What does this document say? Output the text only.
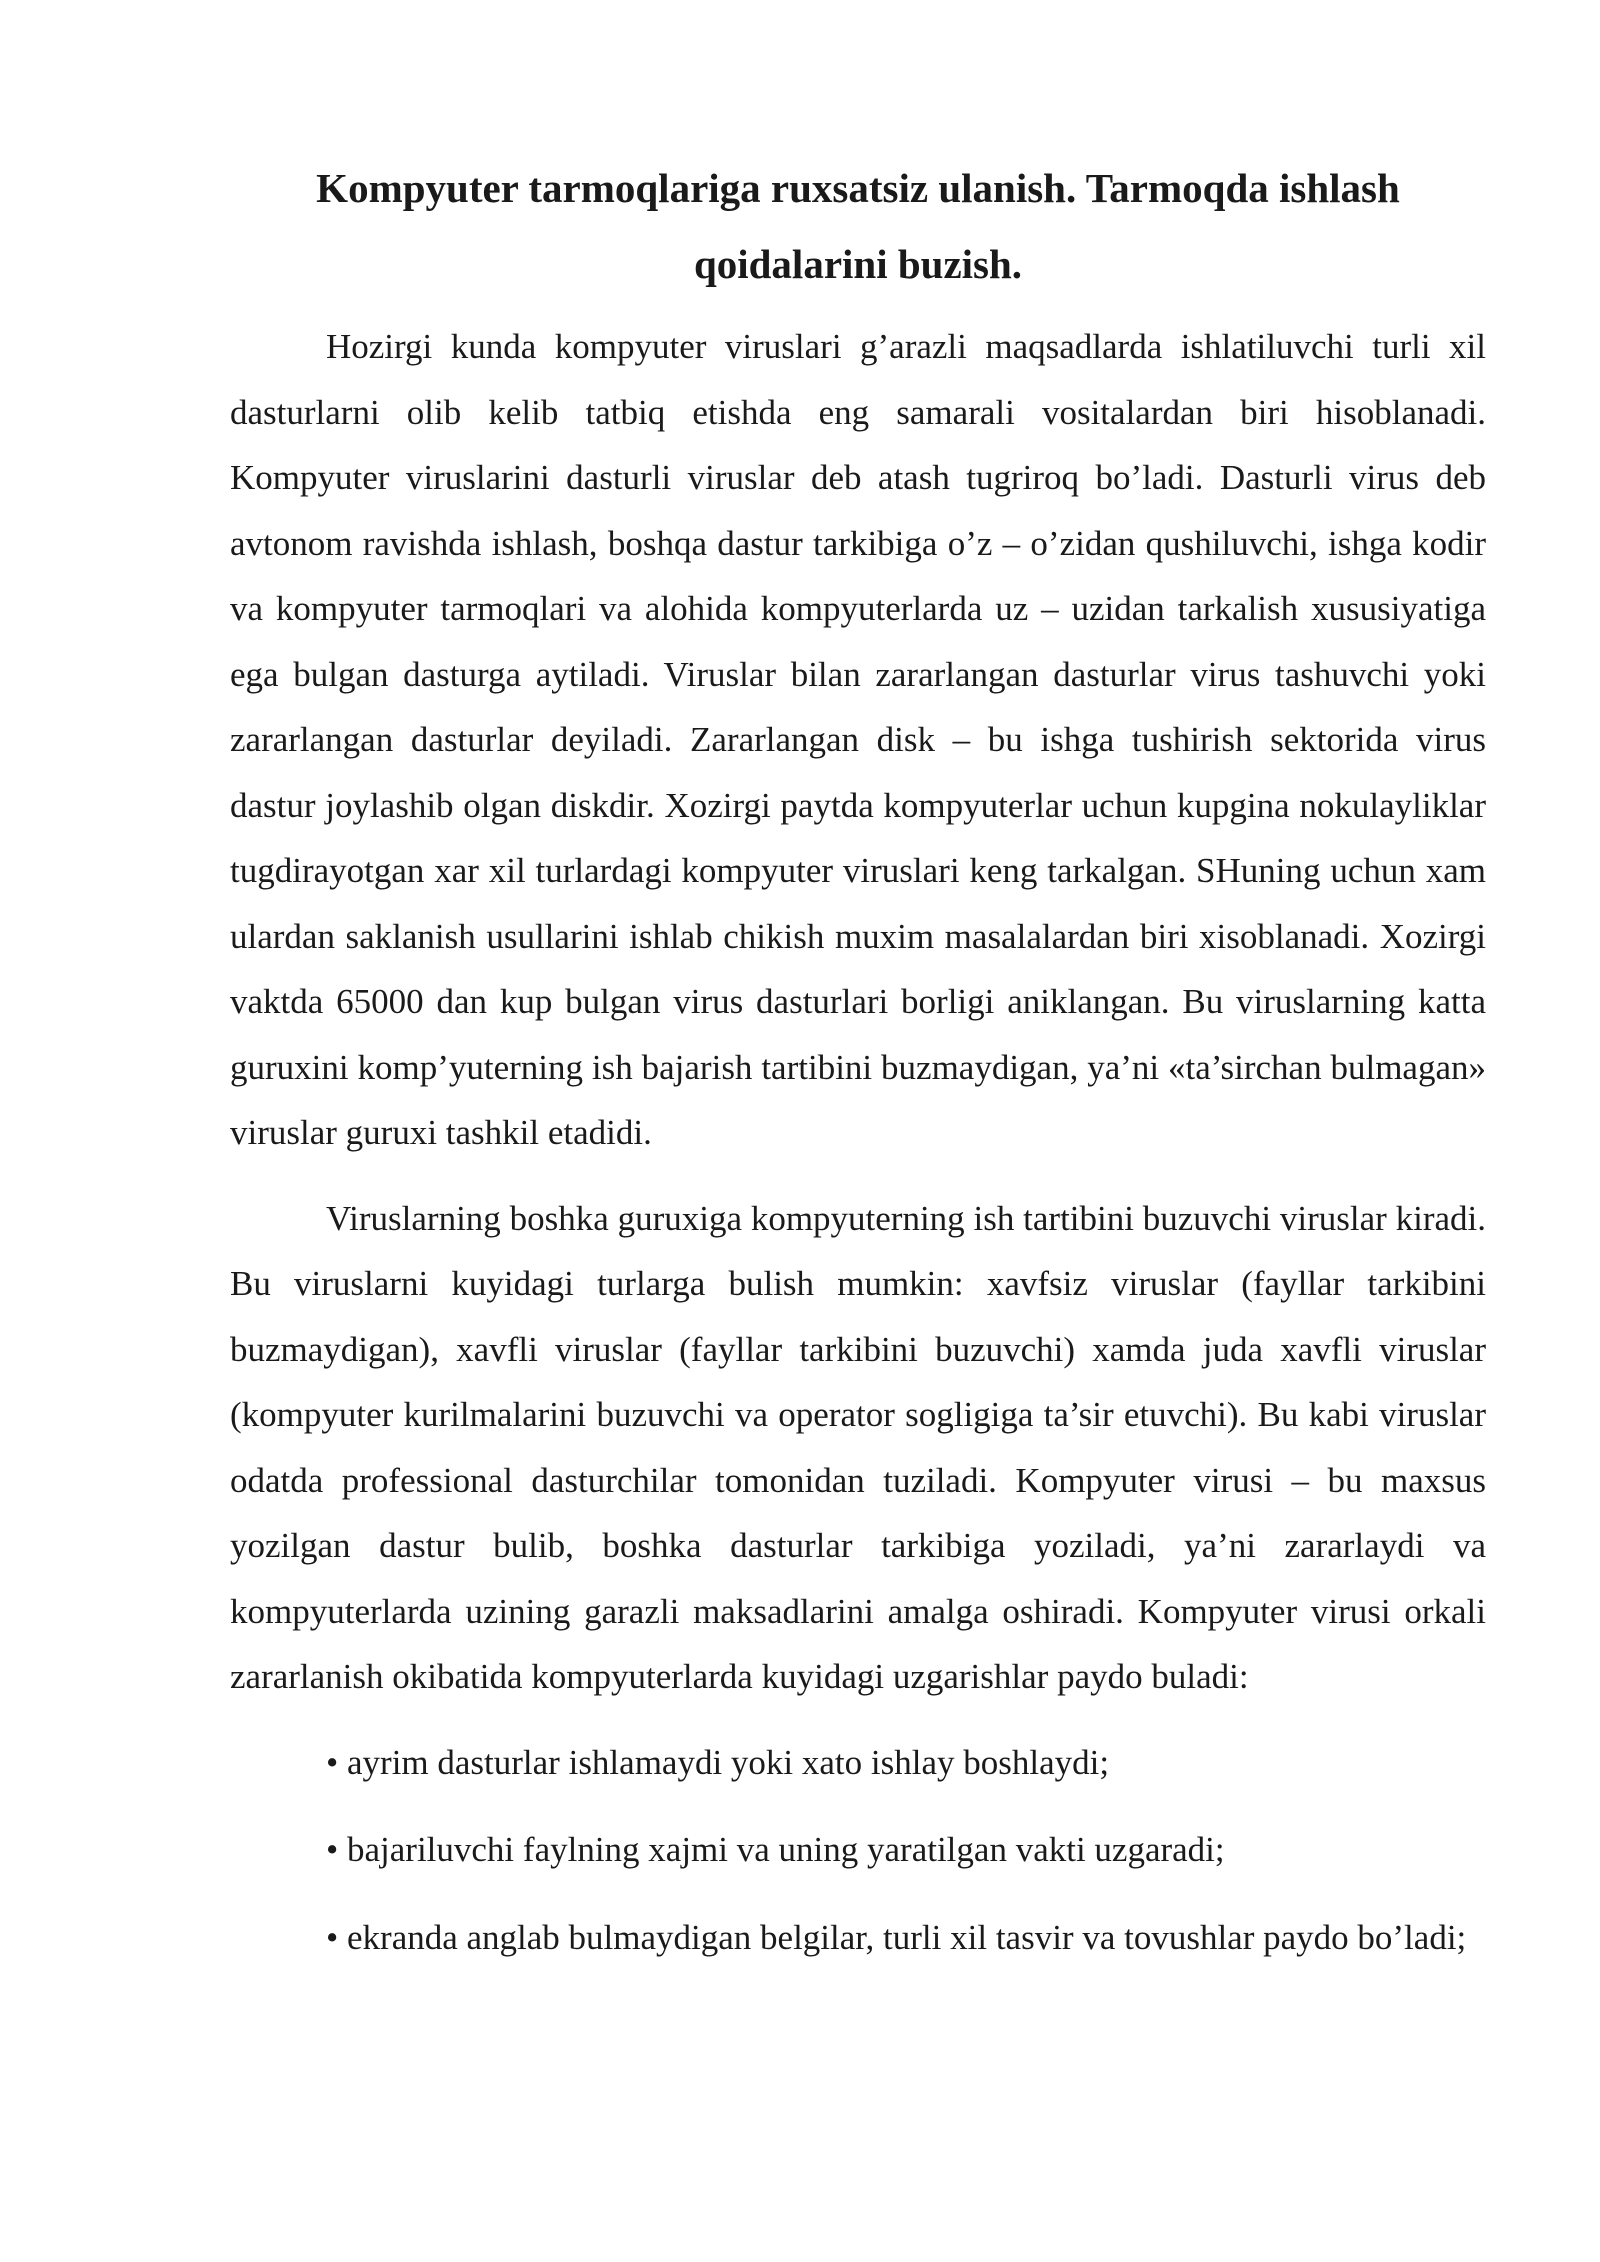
Kompyuter tarmoqlariga ruxsatsiz ulanish. Tarmoqda ishlash qoidalarini buzish.

Hozirgi kunda kompyuter viruslari g’arazli maqsadlarda ishlatiluvchi turli xil dasturlarni olib kelib tatbiq etishda eng samarali vositalardan biri hisoblanadi. Kompyuter viruslarini dasturli viruslar deb atash tugriroq bo’ladi. Dasturli virus deb avtonom ravishda ishlash, boshqa dastur tarkibiga o’z – o’zidan qushiluvchi, ishga kodir va kompyuter tarmoqlari va alohida kompyuterlarda uz – uzidan tarkalish xususiyatiga ega bulgan dasturga aytiladi. Viruslar bilan zararlangan dasturlar virus tashuvchi yoki zararlangan dasturlar deyiladi. Zararlangan disk – bu ishga tushirish sektorida virus dastur joylashib olgan diskdir. Xozirgi paytda kompyuterlar uchun kupgina nokulayliklar tugdirayotgan xar xil turlardagi kompyuter viruslari keng tarkalgan. SHuning uchun xam ulardan saklanish usullarini ishlab chikish muxim masalalardan biri xisoblanadi. Xozirgi vaktda 65000 dan kup bulgan virus dasturlari borligi aniklangan. Bu viruslarning katta guruxini komp’yuterning ish bajarish tartibini buzmaydigan, ya’ni «ta’sirchan bulmagan» viruslar guruxi tashkil etadidi.

Viruslarning boshka guruxiga kompyuterning ish tartibini buzuvchi viruslar kiradi. Bu viruslarni kuyidagi turlarga bulish mumkin: xavfsiz viruslar (fayllar tarkibini buzmaydigan), xavfli viruslar (fayllar tarkibini buzuvchi) xamda juda xavfli viruslar (kompyuter kurilmalarini buzuvchi va operator sogligiga ta’sir etuvchi). Bu kabi viruslar odatda professional dasturchilar tomonidan tuziladi. Kompyuter virusi – bu maxsus yozilgan dastur bulib, boshka dasturlar tarkibiga yoziladi, ya’ni zararlaydi va kompyuterlarda uzining garazli maksadlarini amalga oshiradi. Kompyuter virusi orkali zararlanish okibatida kompyuterlarda kuyidagi uzgarishlar paydo buladi:

• ayrim dasturlar ishlamaydi yoki xato ishlay boshlaydi;

• bajariluvchi faylning xajmi va uning yaratilgan vakti uzgaradi;

• ekranda anglab bulmaydigan belgilar, turli xil tasvir va tovushlar paydo bo’ladi;
